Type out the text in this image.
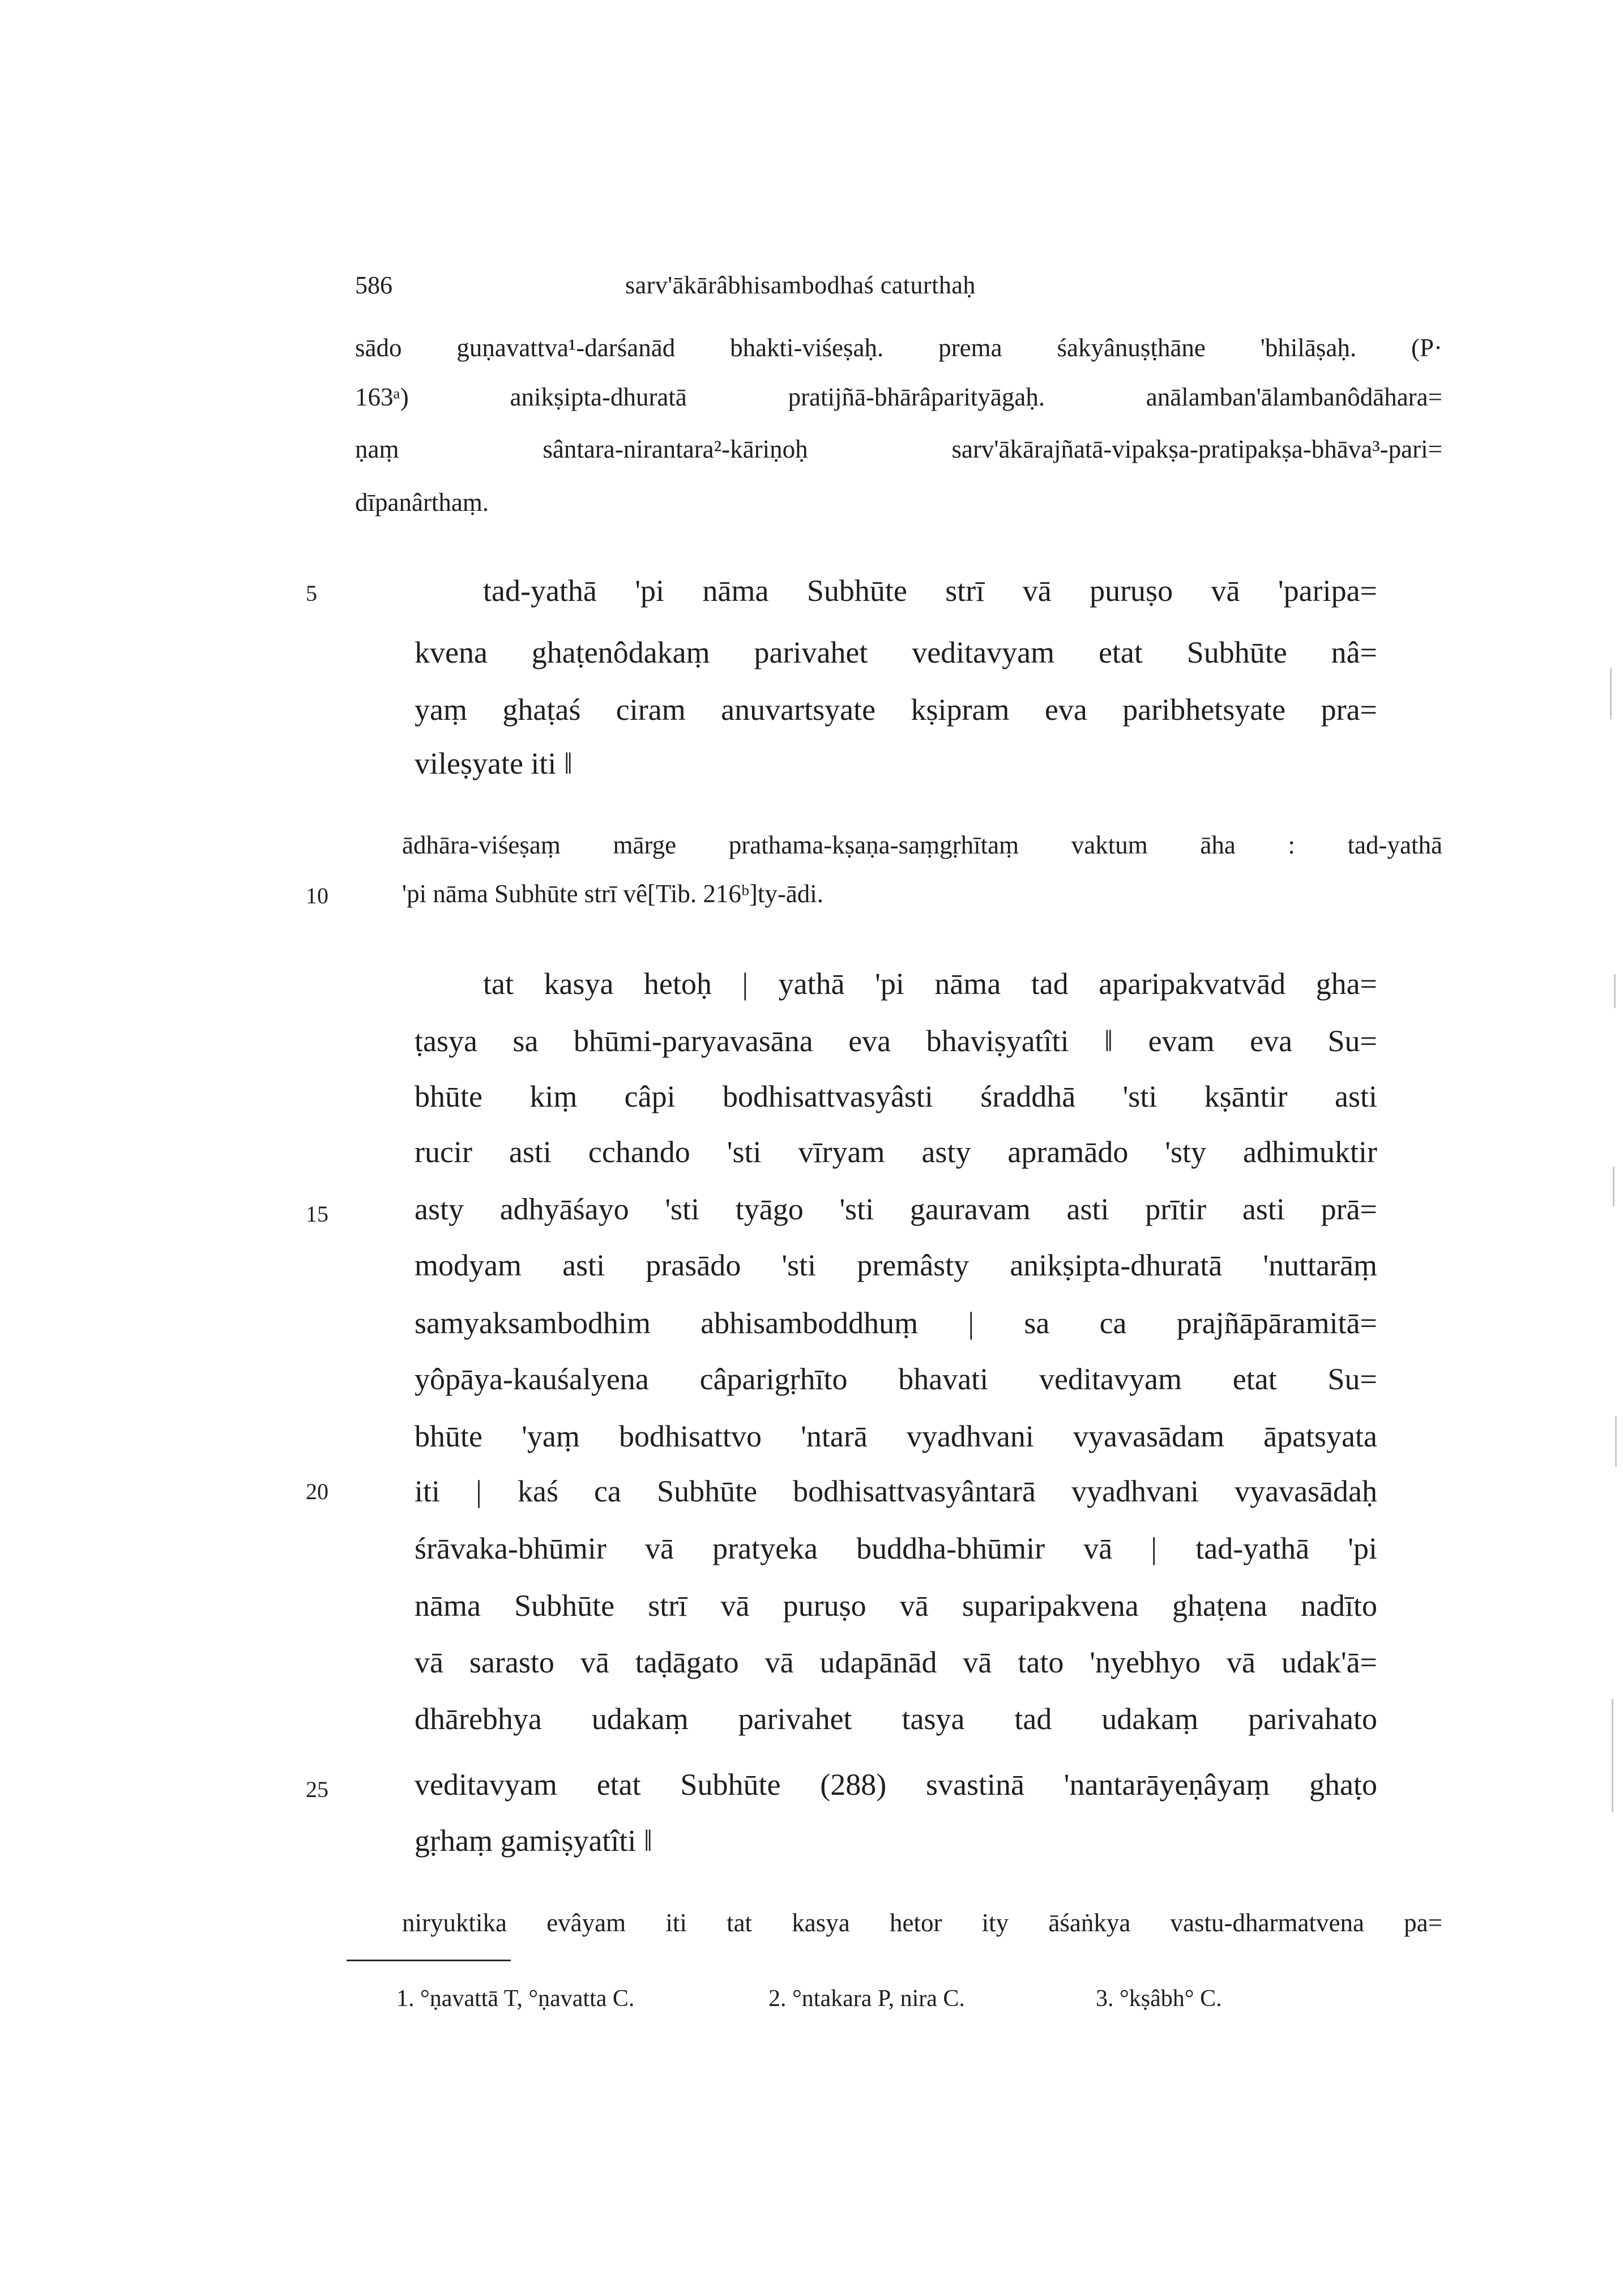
586	sarv'ākārâbhisambodhaś caturthaḥ
sādo guṇavattva¹-darśanād bhakti-viśeṣaḥ. prema śakyânuṣṭhāne 'bhilāṣaḥ. (P·
163ᵃ) anikṣipta-dhuratā pratijñā-bhārâparityāgaḥ. anālamban'ālambanôdāhara=
ṇaṃ sântara-nirantara²-kāriṇoḥ sarv'ākārajñatā-vipakṣa-pratipakṣa-bhāva³-pari=
dīpanârthaṃ.
5	tad-yathā 'pi nāma Subhūte strī vā puruṣo vā 'paripa=
kvena ghaṭenôdakaṃ parivahet veditavyam etat Subhūte nâ=
yaṃ ghaṭaś ciram anuvartsyate kṣipram eva paribhetsyate pra=
vileṣyate iti ‖
ādhāra-viśeṣaṃ mārge prathama-kṣaṇa-saṃgṛhītaṃ vaktum āha : tad-yathā
10	'pi nāma Subhūte strī vê[Tib. 216ᵇ]ty-ādi.
tat kasya hetoḥ | yathā 'pi nāma tad aparipakvatvād gha=
ṭasya sa bhūmi-paryavasāna eva bhaviṣyatîti ‖ evam eva Su=
bhūte kiṃ câpi bodhisattvasyâsti śraddhā 'sti kṣāntir asti
rucir asti cchando 'sti vīryam asty apramādo 'sty adhimuktir
15	asty adhyāśayo 'sti tyāgo 'sti gauravam asti prītir asti prā=
modyam asti prasādo 'sti premâsty anikṣipta-dhuratā 'nuttarāṃ
samyaksambodhim abhisamboddhuṃ | sa ca prajñāpāramitā=
yôpāya-kauśalyena câparigṛhīto bhavati veditavyam etat Su=
bhūte 'yaṃ bodhisattvo 'ntarā vyadhvani vyavasādam āpatsyata
20	iti | kaś ca Subhūte bodhisattvasyântarā vyadhvani vyavasādaḥ
śrāvaka-bhūmir vā pratyeka buddha-bhūmir vā | tad-yathā 'pi
nāma Subhūte strī vā puruṣo vā suparipakvena ghaṭena nadīto
vā sarasto vā taḍāgato vā udapānād vā tato 'nyebhyo vā udak'ā=
dhārebhya udakaṃ parivahet tasya tad udakaṃ parivahato
25	veditavyam etat Subhūte (288) svastinā 'nantarāyeṇâyaṃ ghaṭo
gṛhaṃ gamiṣyatîti ‖
niryuktika evâyam iti tat kasya hetor ity āśaṅkya vastu-dharmatvena pa=
1. °ṇavattā T, °ṇavatta C.	2. °ntakara P, nira C.	3. °kṣâbh° C.
